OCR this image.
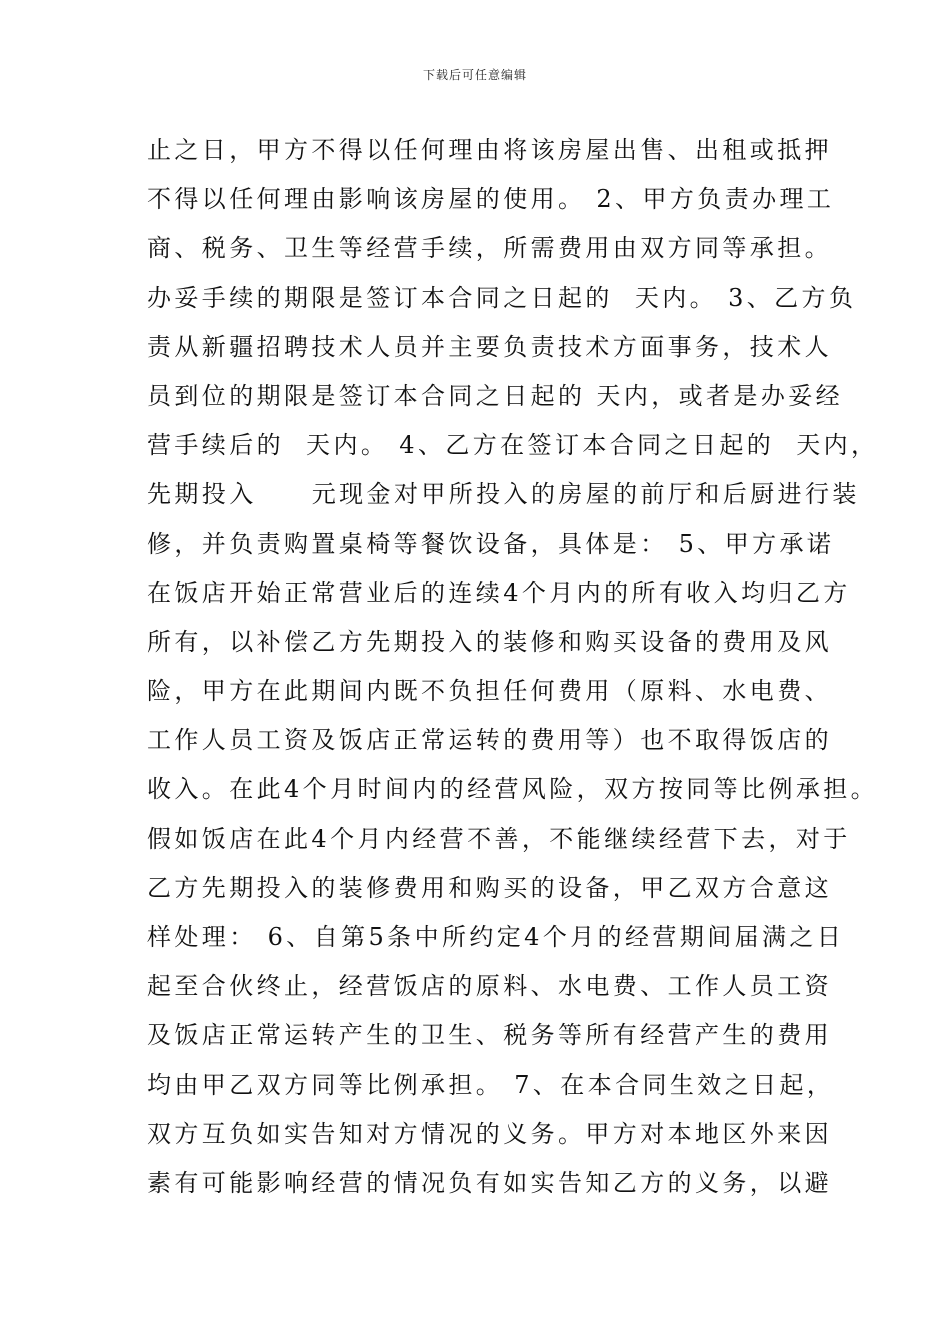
下载后可任意编辑
止之日，甲方不得以任何理由将该房屋出售、出租或抵押
不得以任何理由影响该房屋的使用。 2、甲方负责办理工
商、税务、卫生等经营手续，所需费用由双方同等承担。
办妥手续的期限是签订本合同之日起的  天内。 3、乙方负
责从新疆招聘技术人员并主要负责技术方面事务，技术人
员到位的期限是签订本合同之日起的 天内，或者是办妥经
营手续后的  天内。 4、乙方在签订本合同之日起的  天内，
先期投入     元现金对甲所投入的房屋的前厅和后厨进行装
修，并负责购置桌椅等餐饮设备，具体是： 5、甲方承诺
在饭店开始正常营业后的连续4个月内的所有收入均归乙方
所有，以补偿乙方先期投入的装修和购买设备的费用及风
险，甲方在此期间内既不负担任何费用（原料、水电费、
工作人员工资及饭店正常运转的费用等）也不取得饭店的
收入。在此4个月时间内的经营风险，双方按同等比例承担。
假如饭店在此4个月内经营不善，不能继续经营下去，对于
乙方先期投入的装修费用和购买的设备，甲乙双方合意这
样处理： 6、自第5条中所约定4个月的经营期间届满之日
起至合伙终止，经营饭店的原料、水电费、工作人员工资
及饭店正常运转产生的卫生、税务等所有经营产生的费用
均由甲乙双方同等比例承担。 7、在本合同生效之日起，
双方互负如实告知对方情况的义务。甲方对本地区外来因
素有可能影响经营的情况负有如实告知乙方的义务，以避
